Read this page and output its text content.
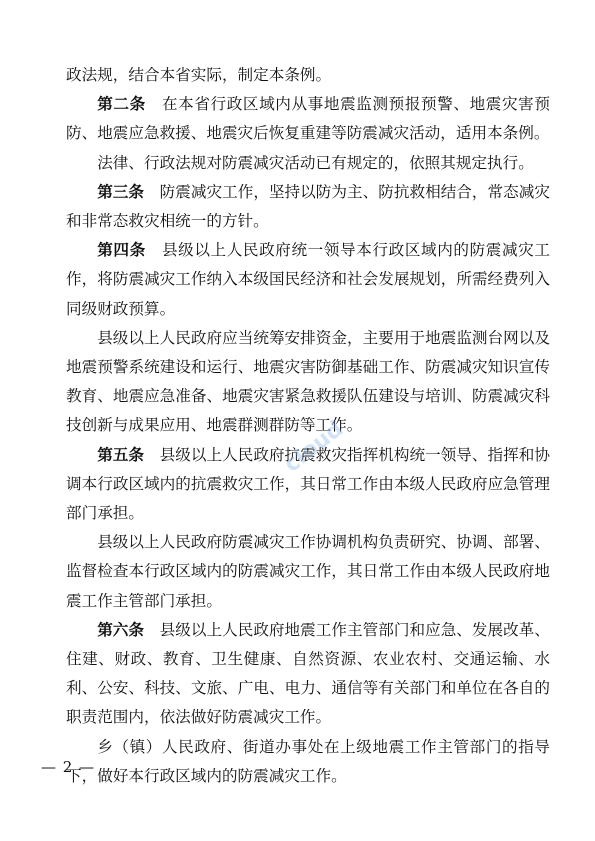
政法规，结合本省实际，制定本条例。

第二条 在本省行政区域内从事地震监测预报预警、地震灾害预防、地震应急救援、地震灾后恢复重建等防震减灾活动，适用本条例。

法律、行政法规对防震减灾活动已有规定的，依照其规定执行。

第三条 防震减灾工作，坚持以防为主、防抗救相结合，常态减灾和非常态救灾相统一的方针。

第四条 县级以上人民政府统一领导本行政区域内的防震减灾工作，将防震减灾工作纳入本级国民经济和社会发展规划，所需经费列入同级财政预算。

县级以上人民政府应当统筹安排资金，主要用于地震监测台网以及地震预警系统建设和运行、地震灾害防御基础工作、防震减灾知识宣传教育、地震应急准备、地震灾害紧急救援队伍建设与培训、防震减灾科技创新与成果应用、地震群测群防等工作。

第五条 县级以上人民政府抗震救灾指挥机构统一领导、指挥和协调本行政区域内的抗震救灾工作，其日常工作由本级人民政府应急管理部门承担。

县级以上人民政府防震减灾工作协调机构负责研究、协调、部署、监督检查本行政区域内的防震减灾工作，其日常工作由本级人民政府地震工作主管部门承担。

第六条 县级以上人民政府地震工作主管部门和应急、发展改革、住建、财政、教育、卫生健康、自然资源、农业农村、交通运输、水利、公安、科技、文旅、广电、电力、通信等有关部门和单位在各自的职责范围内，依法做好防震减灾工作。

乡（镇）人民政府、街道办事处在上级地震工作主管部门的指导下，做好本行政区域内的防震减灾工作。

cloud
— 2 —
